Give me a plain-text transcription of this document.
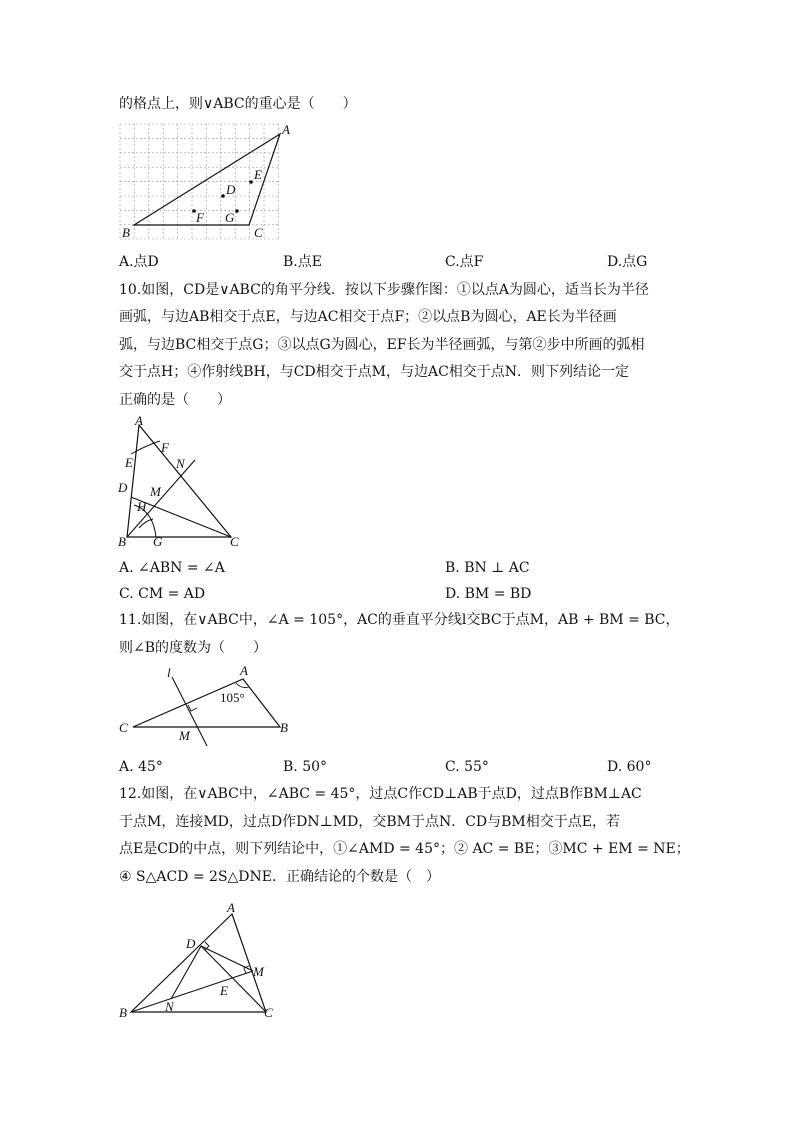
的格点上，则∨ABC的重心是（　　）
A
E
D
F G
B	C
A.点D	B.点E	C.点F	D.点G
10.如图，CD是∨ABC的角平分线．按以下步骤作图：①以点A为圆心，适当长为半径
画弧，与边AB相交于点E，与边AC相交于点F；②以点B为圆心，AE长为半径画
弧，与边BC相交于点G；③以点G为圆心，EF长为半径画弧，与第②步中所画的弧相
交于点H；④作射线BH，与CD相交于点M，与边AC相交于点N．则下列结论一定
正确的是（　　）
A
F
E	N
D M
H
B G	C
A. ∠ABN = ∠A	B. BN ⊥ AC
C. CM = AD	D. BM = BD
11.如图，在∨ABC中，∠A = 105°，AC的垂直平分线l交BC于点M，AB + BM = BC，
则∠B的度数为（　　）
l	A
105°
C
M
B
A. 45°	B. 50°	C. 55°	D. 60°
12.如图，在∨ABC中，∠ABC = 45°，过点C作CD⊥AB于点D，过点B作BM⊥AC
于点M，连接MD，过点D作DN⊥MD，交BM于点N．CD与BM相交于点E，若
点E是CD的中点，则下列结论中，①∠AMD = 45°；② AC = BE；③MC + EM = NE；
④ S△ACD = 2S△DNE．正确结论的个数是（　）
A
D
M
E
N
B	C
